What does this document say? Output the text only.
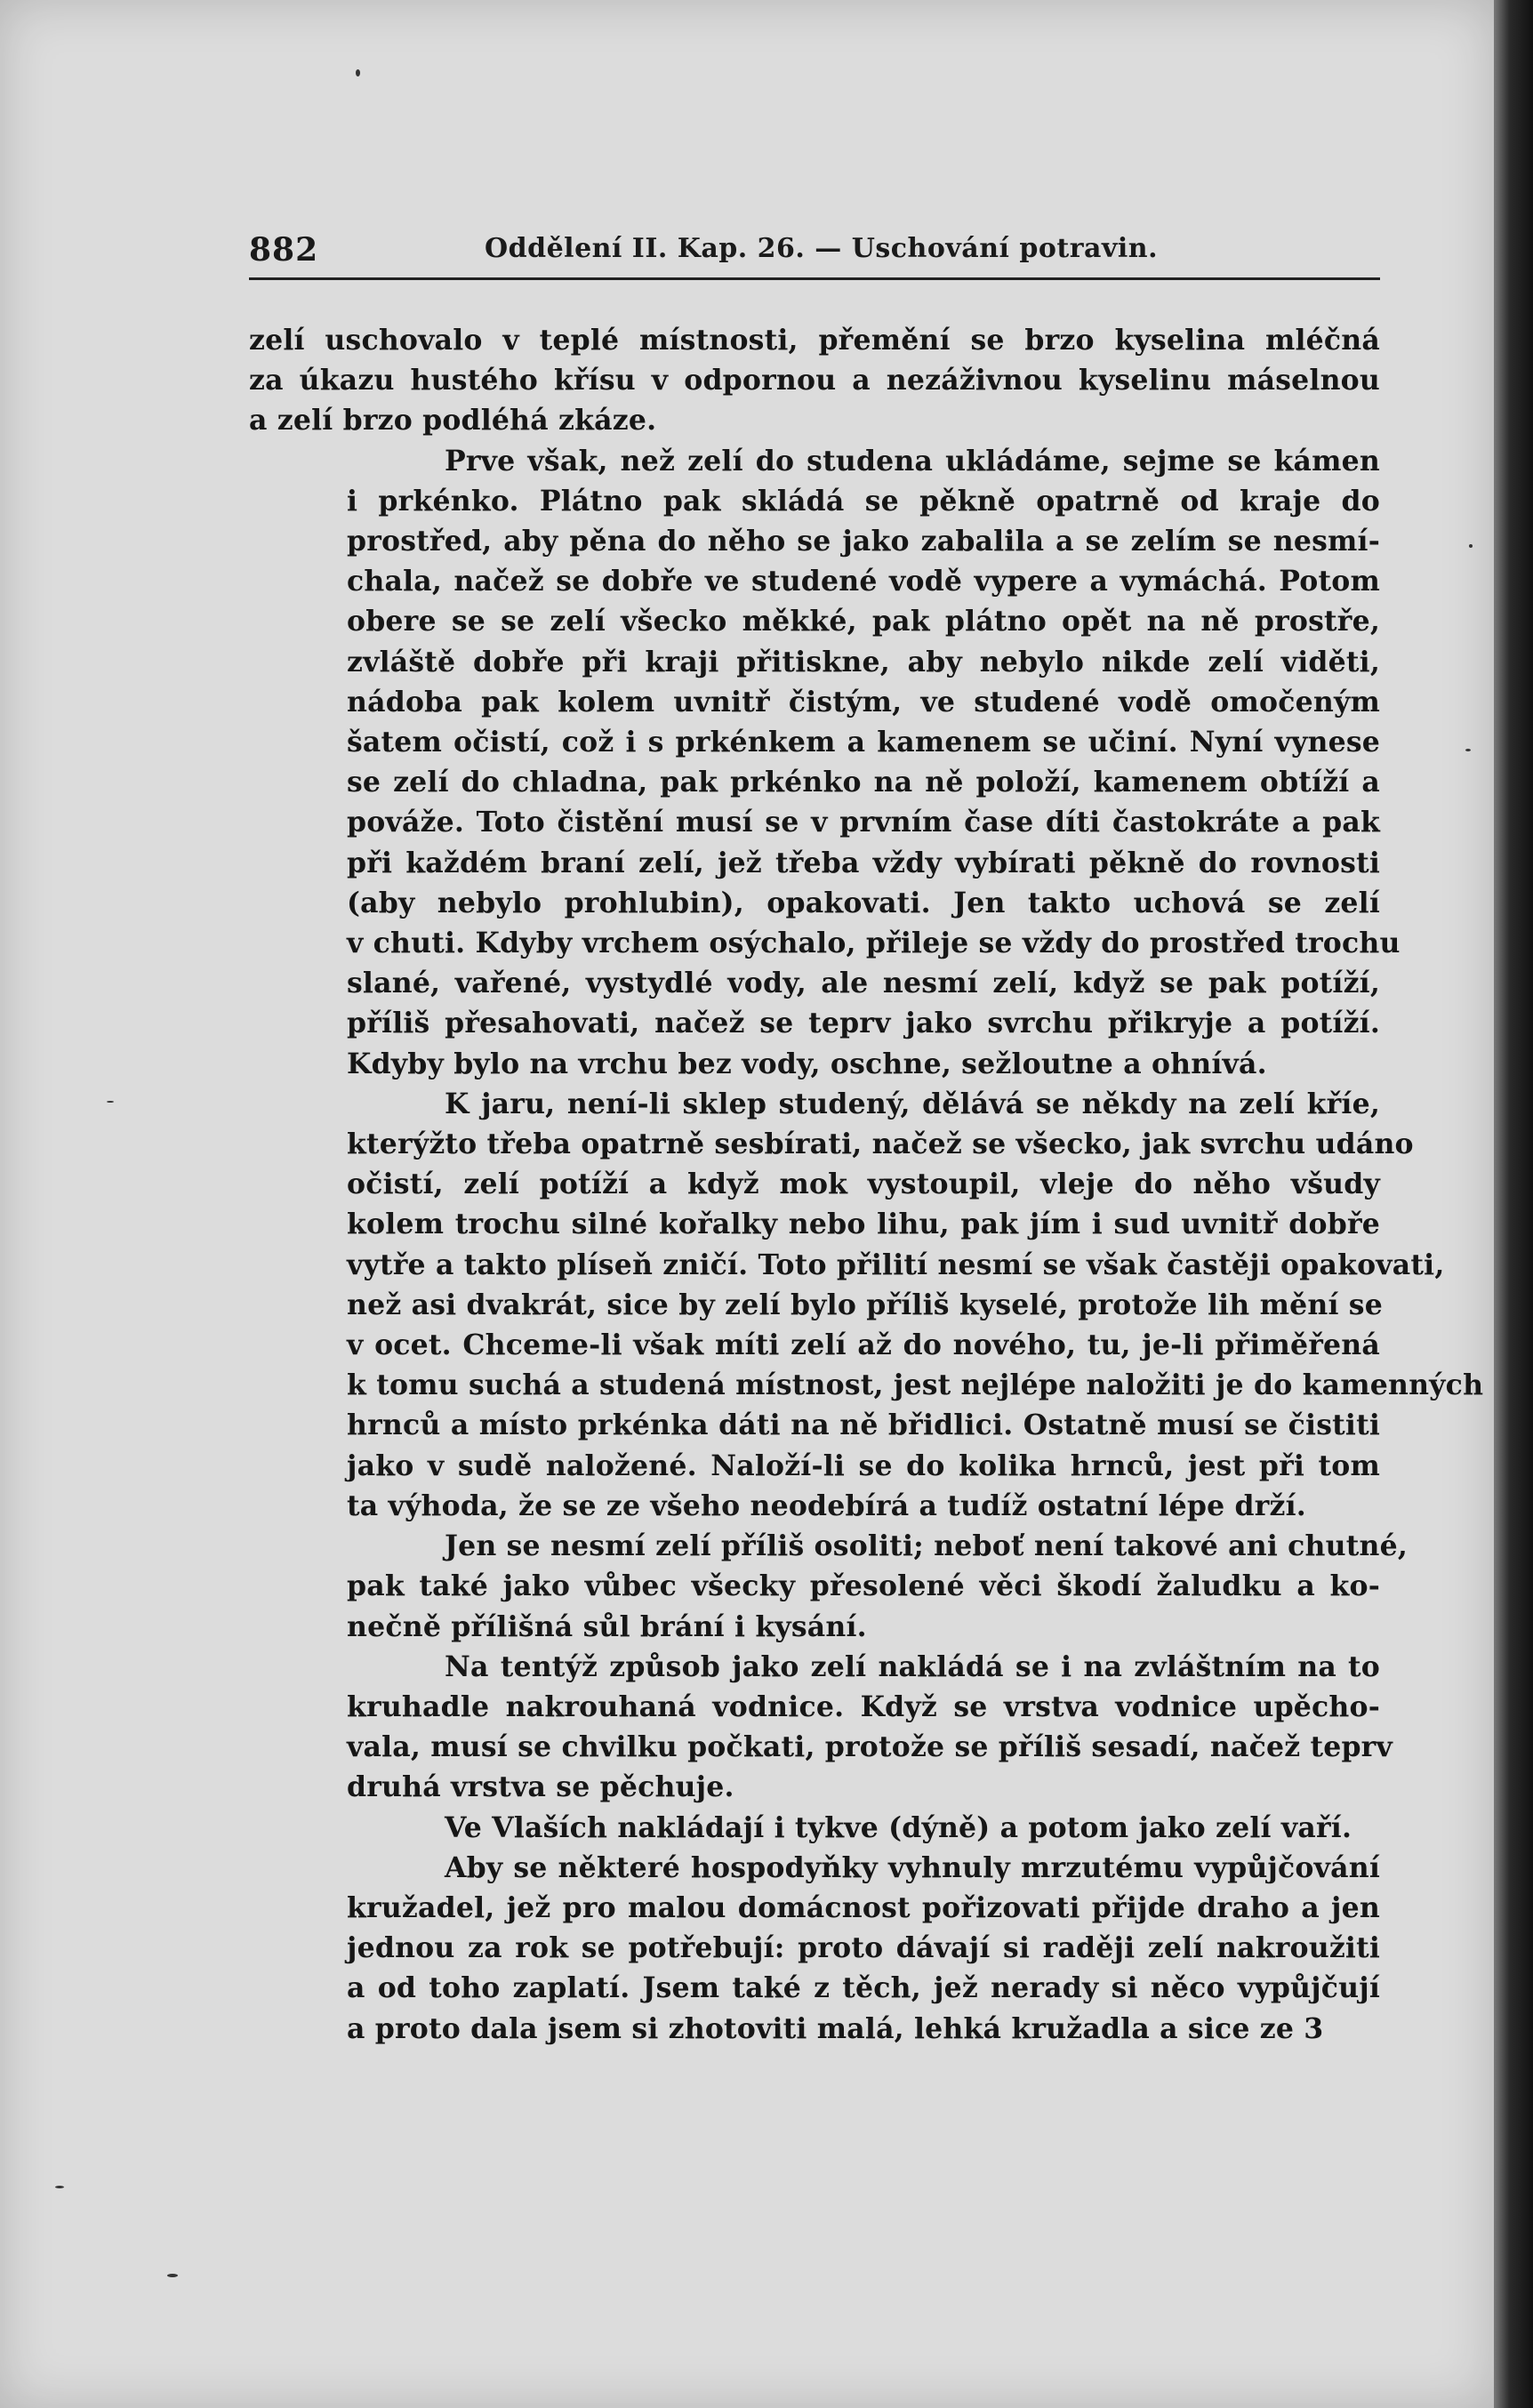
882	Oddělení II. Kap. 26. — Uschování potravin.
zelí uschovalo v teplé místnosti, přemění se brzo kyselina mléčná
za úkazu hustého křísu v odpornou a nezáživnou kyselinu máselnou
a zelí brzo podléhá zkáze.
Prve však, než zelí do studena ukládáme, sejme se kámen
i prkénko. Plátno pak skládá se pěkně opatrně od kraje do
prostřed, aby pěna do něho se jako zabalila a se zelím se nesmí-
chala, načež se dobře ve studené vodě vypere a vymáchá. Potom
obere se se zelí všecko měkké, pak plátno opět na ně prostře,
zvláště dobře při kraji přitiskne, aby nebylo nikde zelí viděti,
nádoba pak kolem uvnitř čistým, ve studené vodě omočeným
šatem očistí, což i s prkénkem a kamenem se učiní. Nyní vynese
se zelí do chladna, pak prkénko na ně položí, kamenem obtíží a
pováže. Toto čistění musí se v prvním čase díti častokráte a pak
při každém braní zelí, jež třeba vždy vybírati pěkně do rovnosti
(aby nebylo prohlubin), opakovati. Jen takto uchová se zelí
v chuti. Kdyby vrchem osýchalo, přileje se vždy do prostřed trochu
slané, vařené, vystydlé vody, ale nesmí zelí, když se pak potíží,
příliš přesahovati, načež se teprv jako svrchu přikryje a potíží.
Kdyby bylo na vrchu bez vody, oschne, sežloutne a ohnívá.
K jaru, není-li sklep studený, dělává se někdy na zelí kříe,
kterýžto třeba opatrně sesbírati, načež se všecko, jak svrchu udáno
očistí, zelí potíží a když mok vystoupil, vleje do něho všudy
kolem trochu silné kořalky nebo lihu, pak jím i sud uvnitř dobře
vytře a takto plíseň zničí. Toto přilití nesmí se však častěji opakovati,
než asi dvakrát, sice by zelí bylo příliš kyselé, protože lih mění se
v ocet. Chceme-li však míti zelí až do nového, tu, je-li přiměřená
k tomu suchá a studená místnost, jest nejlépe naložiti je do kamenných
hrnců a místo prkénka dáti na ně břidlici. Ostatně musí se čistiti
jako v sudě naložené. Naloží-li se do kolika hrnců, jest při tom
ta výhoda, že se ze všeho neodebírá a tudíž ostatní lépe drží.
Jen se nesmí zelí příliš osoliti; neboť není takové ani chutné,
pak také jako vůbec všecky přesolené věci škodí žaludku a ko-
nečně přílišná sůl brání i kysání.
Na tentýž způsob jako zelí nakládá se i na zvláštním na to
kruhadle nakrouhaná vodnice. Když se vrstva vodnice upěcho-
vala, musí se chvilku počkati, protože se příliš sesadí, načež teprv
druhá vrstva se pěchuje.
Ve Vlaších nakládají i tykve (dýně) a potom jako zelí vaří.
Aby se některé hospodyňky vyhnuly mrzutému vypůjčování
kružadel, jež pro malou domácnost pořizovati přijde draho a jen
jednou za rok se potřebují: proto dávají si raději zelí nakroužiti
a od toho zaplatí. Jsem také z těch, jež nerady si něco vypůjčují
a proto dala jsem si zhotoviti malá, lehká kružadla a sice ze 3
